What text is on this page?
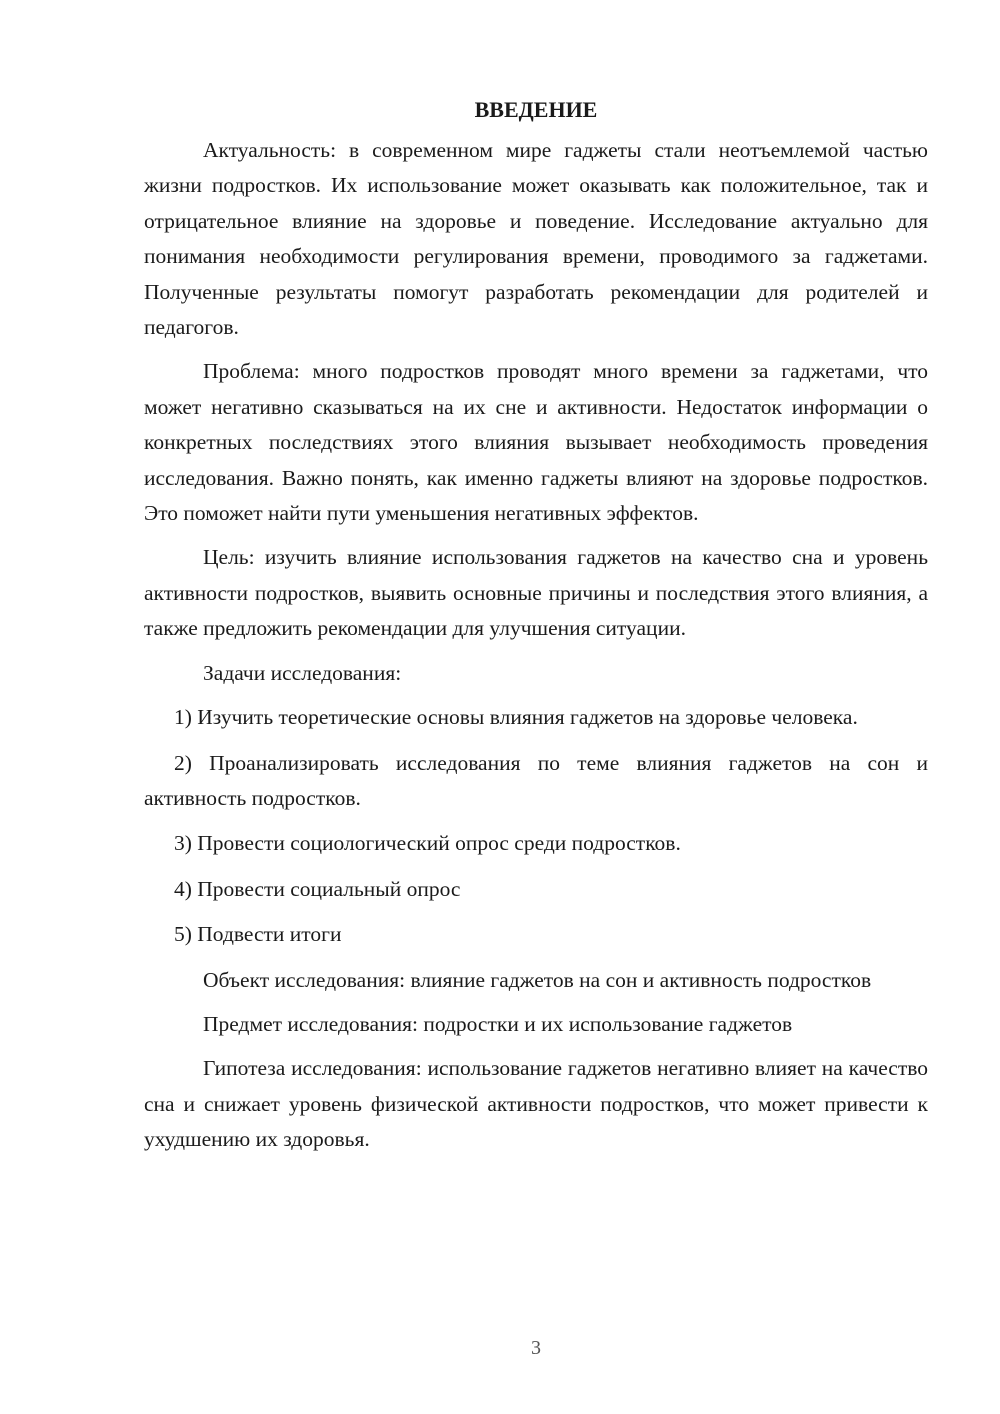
ВВЕДЕНИЕ

Актуальность: в современном мире гаджеты стали неотъемлемой частью жизни подростков. Их использование может оказывать как положительное, так и отрицательное влияние на здоровье и поведение. Исследование актуально для понимания необходимости регулирования времени, проводимого за гаджетами. Полученные результаты помогут разработать рекомендации для родителей и педагогов.

Проблема: много подростков проводят много времени за гаджетами, что может негативно сказываться на их сне и активности. Недостаток информации о конкретных последствиях этого влияния вызывает необходимость проведения исследования. Важно понять, как именно гаджеты влияют на здоровье подростков. Это поможет найти пути уменьшения негативных эффектов.

Цель: изучить влияние использования гаджетов на качество сна и уровень активности подростков, выявить основные причины и последствия этого влияния, а также предложить рекомендации для улучшения ситуации.

Задачи исследования:

1) Изучить теоретические основы влияния гаджетов на здоровье человека.

2) Проанализировать исследования по теме влияния гаджетов на сон и активность подростков.

3) Провести социологический опрос среди подростков.

4) Провести социальный опрос

5) Подвести итоги

Объект исследования: влияние гаджетов на сон и активность подростков

Предмет исследования: подростки и их использование гаджетов

Гипотеза исследования: использование гаджетов негативно влияет на качество сна и снижает уровень физической активности подростков, что может привести к ухудшению их здоровья.

3
